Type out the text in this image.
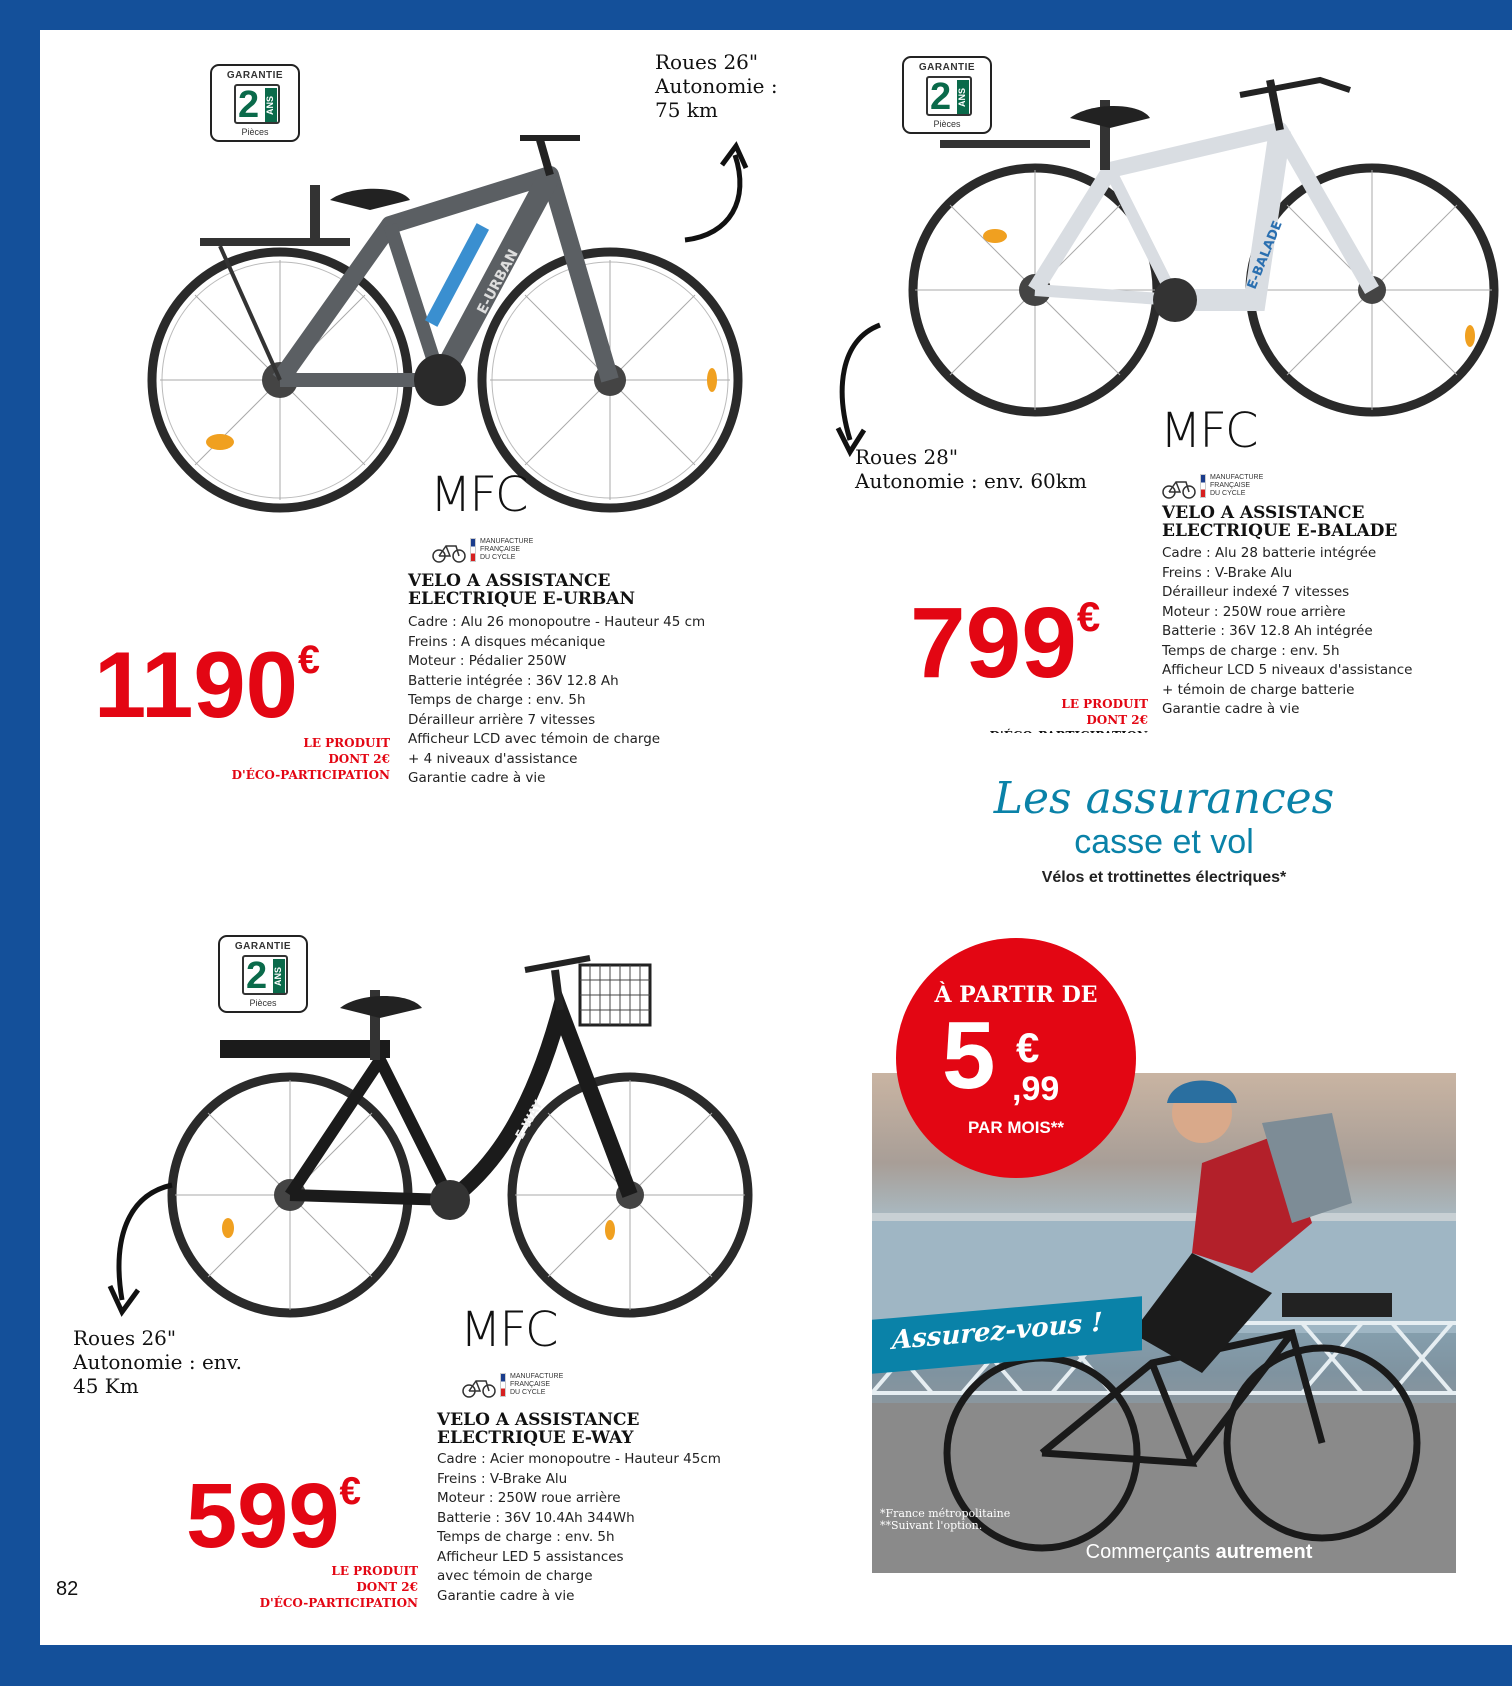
GARANTIE
2 ANS
Pièces
Roues 26"
Autonomie :
75 km
E-URBAN
MFC
MANUFACTURE
FRANÇAISE
DU CYCLE
VELO A ASSISTANCE
ELECTRIQUE E-URBAN
Cadre : Alu 26 monopoutre - Hauteur 45 cm
Freins : A disques mécanique
Moteur : Pédalier 250W
Batterie intégrée : 36V 12.8 Ah
Temps de charge : env. 5h
Dérailleur arrière 7 vitesses
Afficheur LCD avec témoin de charge
+ 4 niveaux d'assistance
Garantie cadre à vie
1190€
LE PRODUIT
DONT 2€
D'ÉCO-PARTICIPATION
GARANTIE
2 ANS
Pièces
E-BALADE
Roues 28"
Autonomie : env. 60km
MFC
MANUFACTURE
FRANÇAISE
DU CYCLE
VELO A ASSISTANCE
ELECTRIQUE E-BALADE
Cadre : Alu 28 batterie intégrée
Freins : V-Brake Alu
Dérailleur indexé 7 vitesses
Moteur : 250W roue arrière
Batterie : 36V 12.8 Ah intégrée
Temps de charge : env. 5h
Afficheur LCD 5 niveaux d'assistance
+ témoin de charge batterie
Garantie cadre à vie
799€
LE PRODUIT
DONT 2€
Les assurances
casse et vol
Vélos et trottinettes électriques*
À PARTIR DE
5 €
,99
PAR MOIS**
Assurez-vous !
*France métropolitaine
**Suivant l'option.
Commerçants autrement
GARANTIE
2 ANS
Pièces
E-WAY
Roues 26"
Autonomie : env.
45 Km
MFC
MANUFACTURE
FRANÇAISE
DU CYCLE
VELO A ASSISTANCE
ELECTRIQUE E-WAY
Cadre : Acier monopoutre - Hauteur 45cm
Freins : V-Brake Alu
Moteur : 250W roue arrière
Batterie : 36V 10.4Ah 344Wh
Temps de charge : env. 5h
Afficheur LED 5 assistances
avec témoin de charge
Garantie cadre à vie
599€
LE PRODUIT
DONT 2€
D'ÉCO-PARTICIPATION
82
